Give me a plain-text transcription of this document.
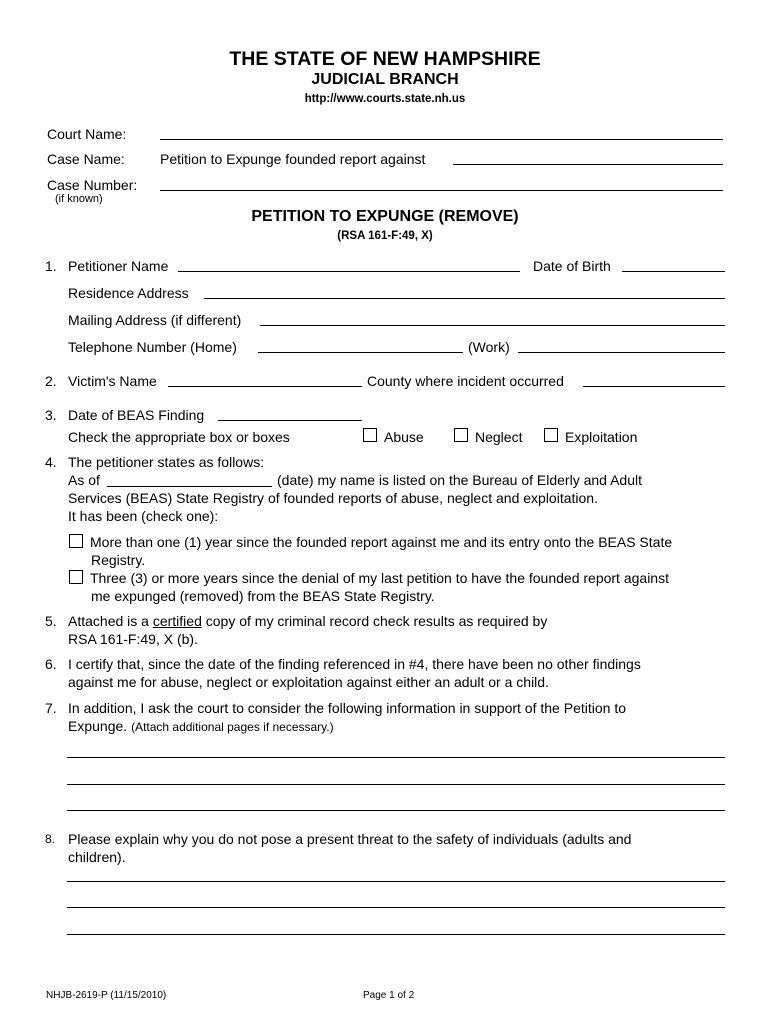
THE STATE OF NEW HAMPSHIRE
JUDICIAL BRANCH
http://www.courts.state.nh.us
Court Name:
Case Name:	Petition to Expunge founded report against
Case Number:
(if known)
PETITION TO EXPUNGE (REMOVE)
(RSA 161-F:49, X)
1. Petitioner Name	Date of Birth
Residence Address
Mailing Address (if different)
Telephone Number (Home)	(Work)
2. Victim's Name	County where incident occurred
3. Date of BEAS Finding
Check the appropriate box or boxes	Abuse	Neglect	Exploitation
4. The petitioner states as follows:
As of	(date) my name is listed on the Bureau of Elderly and Adult
Services (BEAS) State Registry of founded reports of abuse, neglect and exploitation.
It has been (check one):
More than one (1) year since the founded report against me and its entry onto the BEAS State
Registry.
Three (3) or more years since the denial of my last petition to have the founded report against
me expunged (removed) from the BEAS State Registry.
5. Attached is a certified copy of my criminal record check results as required by
RSA 161-F:49, X (b).
6. I certify that, since the date of the finding referenced in #4, there have been no other findings
against me for abuse, neglect or exploitation against either an adult or a child.
7. In addition, I ask the court to consider the following information in support of the Petition to
Expunge. (Attach additional pages if necessary.)
8. Please explain why you do not pose a present threat to the safety of individuals (adults and
children).
NHJB-2619-P (11/15/2010)	Page 1 of 2
